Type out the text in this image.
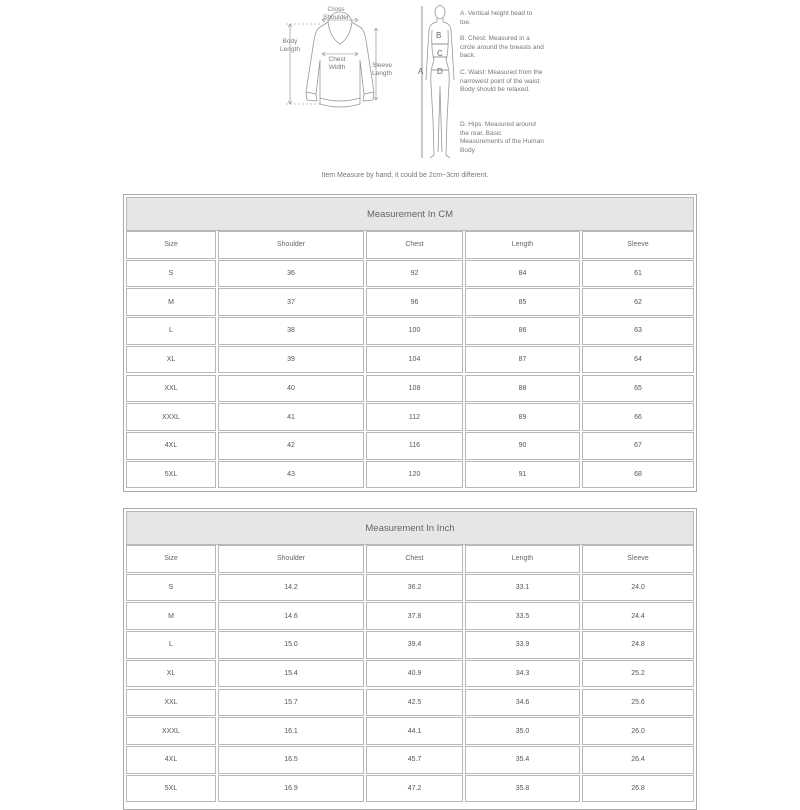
Cross Shoulder
Body Length
Chest Width	Sleeve Length
B
C
A D
A. Vertical height head to toe.
B. Chest: Measured in a circle around the breasts and back.
C. Waist: Measured from the narrowest point of the waist. Body should be relaxed.
D. Hips: Measured around the rear. Basic Measurements of the Human Body
Item Measure by hand, it could be 2cm~3cm different.
Measurement In CM
Size	Shoulder	Chest	Length	Sleeve
S	36	92	84	61
M	37	96	85	62
L	38	100	86	63
XL	39	104	87	64
XXL	40	108	88	65
XXXL	41	112	89	66
4XL	42	116	90	67
5XL	43	120	91	68
Measurement In Inch
Size	Shoulder	Chest	Length	Sleeve
S	14.2	36.2	33.1	24.0
M	14.6	37.8	33.5	24.4
L	15.0	39.4	33.9	24.8
XL	15.4	40.9	34.3	25.2
XXL	15.7	42.5	34.6	25.6
XXXL	16.1	44.1	35.0	26.0
4XL	16.5	45.7	35.4	26.4
5XL	16.9	47.2	35.8	26.8
